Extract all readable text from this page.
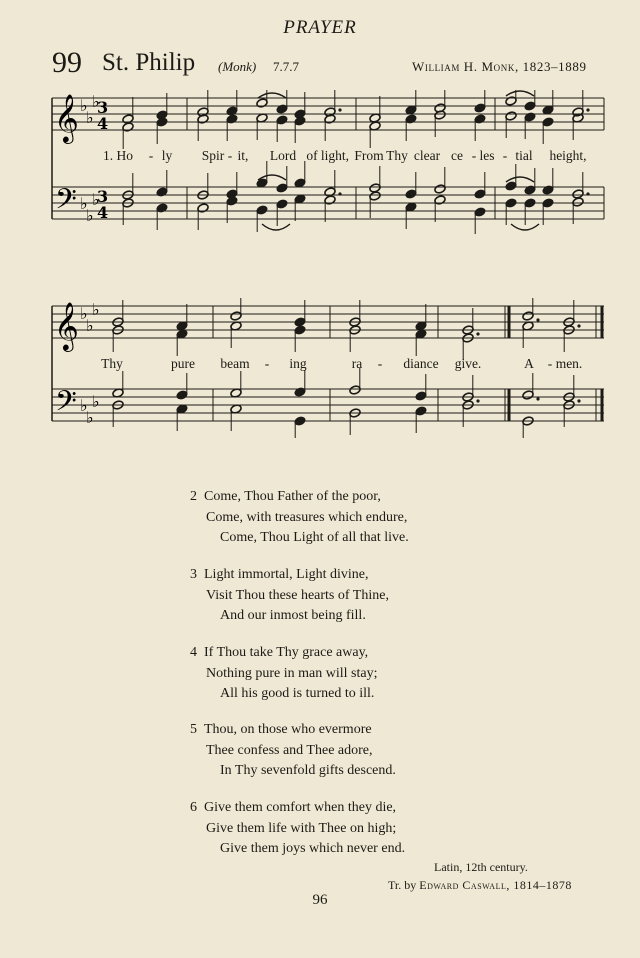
PRAYER
99 St. Philip (Monk) 7.7.7	William H. Monk, 1823–1889
𝄞
𝄢
♭
♭
♭
♭
♭
♭
3
4
3
4
1. Ho - ly Spir - it, Lord of light, From Thy clear ce - les - tial height,
𝄞
𝄢
♭
♭
♭
♭
♭
♭
Thy	pure beam - ing	ra - diance give.	A - men.
2 Come, Thou Father of the poor,
Come, with treasures which endure,
Come, Thou Light of all that live.
3 Light immortal, Light divine,
Visit Thou these hearts of Thine,
And our inmost being fill.
4 If Thou take Thy grace away,
Nothing pure in man will stay;
All his good is turned to ill.
5 Thou, on those who evermore
Thee confess and Thee adore,
In Thy sevenfold gifts descend.
6 Give them comfort when they die,
Give them life with Thee on high;
Give them joys which never end.
Latin, 12th century.
Tr. by Edward Caswall, 1814–1878
96
